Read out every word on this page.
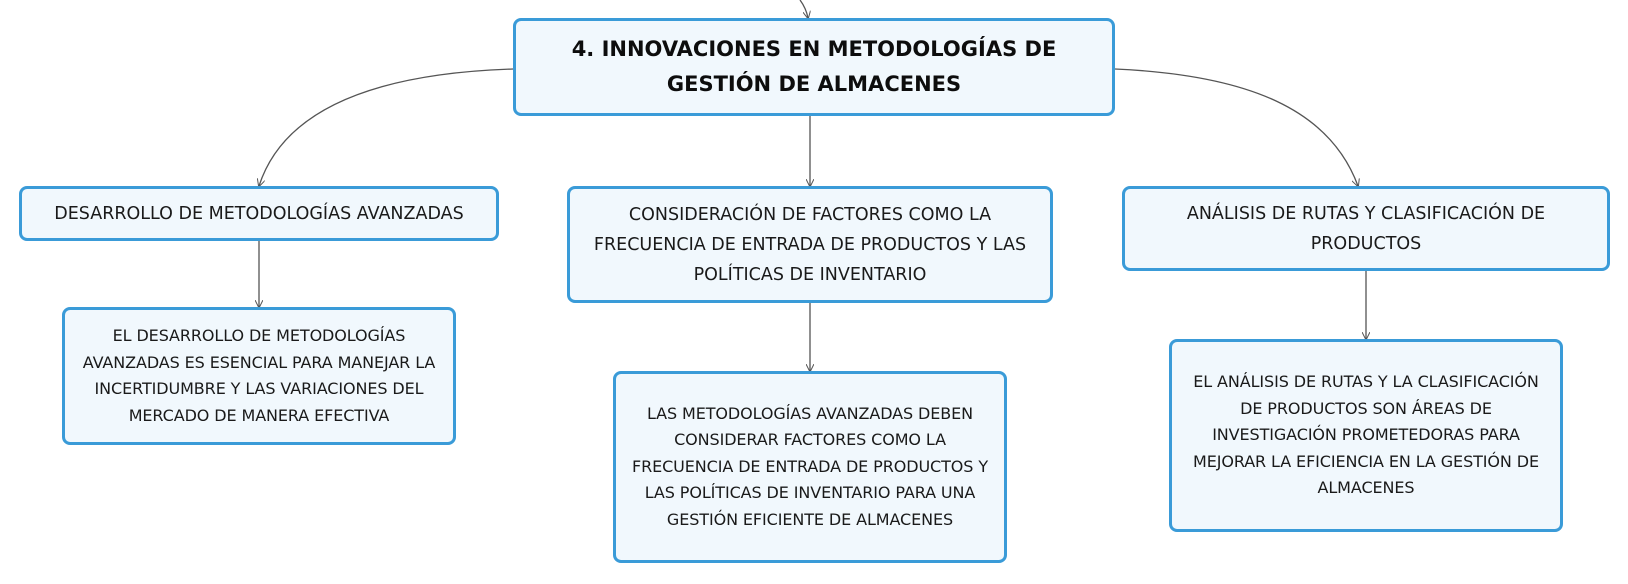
4. INNOVACIONES EN METODOLOGÍAS DE GESTIÓN DE ALMACENES
DESARROLLO DE METODOLOGÍAS AVANZADAS	CONSIDERACIÓN DE FACTORES COMO LA FRECUENCIA DE ENTRADA DE PRODUCTOS Y LAS POLÍTICAS DE INVENTARIO
ANÁLISIS DE RUTAS Y CLASIFICACIÓN DE PRODUCTOS
EL DESARROLLO DE METODOLOGÍAS AVANZADAS ES ESENCIAL PARA MANEJAR LA INCERTIDUMBRE Y LAS VARIACIONES DEL MERCADO DE MANERA EFECTIVA	LAS METODOLOGÍAS AVANZADAS DEBEN CONSIDERAR FACTORES COMO LA FRECUENCIA DE ENTRADA DE PRODUCTOS Y LAS POLÍTICAS DE INVENTARIO PARA UNA GESTIÓN EFICIENTE DE ALMACENES
EL ANÁLISIS DE RUTAS Y LA CLASIFICACIÓN DE PRODUCTOS SON ÁREAS DE INVESTIGACIÓN PROMETEDORAS PARA MEJORAR LA EFICIENCIA EN LA GESTIÓN DE ALMACENES
